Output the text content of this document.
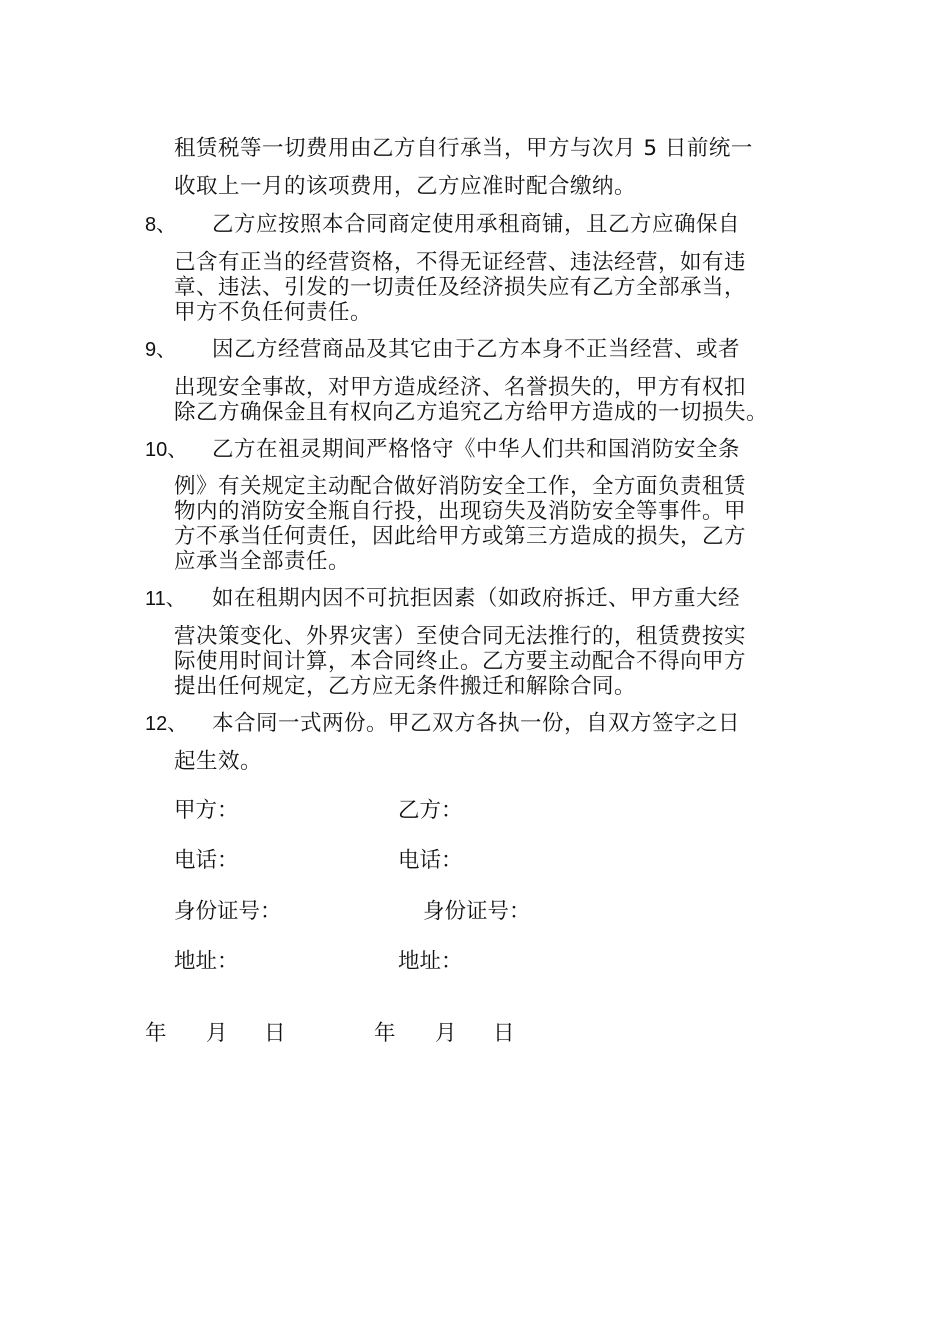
租赁税等一切费用由乙方自行承当，甲方与次月 5 日前统一
收取上一月的该项费用，乙方应准时配合缴纳。
8、 乙方应按照本合同商定使用承租商铺，且乙方应确保自
己含有正当的经营资格，不得无证经营、违法经营，如有违
章、违法、引发的一切责任及经济损失应有乙方全部承当，
甲方不负任何责任。
9、 因乙方经营商品及其它由于乙方本身不正当经营、或者
出现安全事故，对甲方造成经济、名誉损失的，甲方有权扣
除乙方确保金且有权向乙方追究乙方给甲方造成的一切损失。
10、 乙方在祖灵期间严格恪守《中华人们共和国消防安全条
例》有关规定主动配合做好消防安全工作，全方面负责租赁
物内的消防安全瓶自行投，出现窃失及消防安全等事件。甲
方不承当任何责任，因此给甲方或第三方造成的损失，乙方
应承当全部责任。
11、 如在租期内因不可抗拒因素（如政府拆迁、甲方重大经
营决策变化、外界灾害）至使合同无法推行的，租赁费按实
际使用时间计算，本合同终止。乙方要主动配合不得向甲方
提出任何规定，乙方应无条件搬迁和解除合同。
12、 本合同一式两份。甲乙双方各执一份，自双方签字之日
起生效。
甲方：	乙方：
电话：	电话：
身份证号：	身份证号：
地址：	地址：
年 月 日	年 月 日
